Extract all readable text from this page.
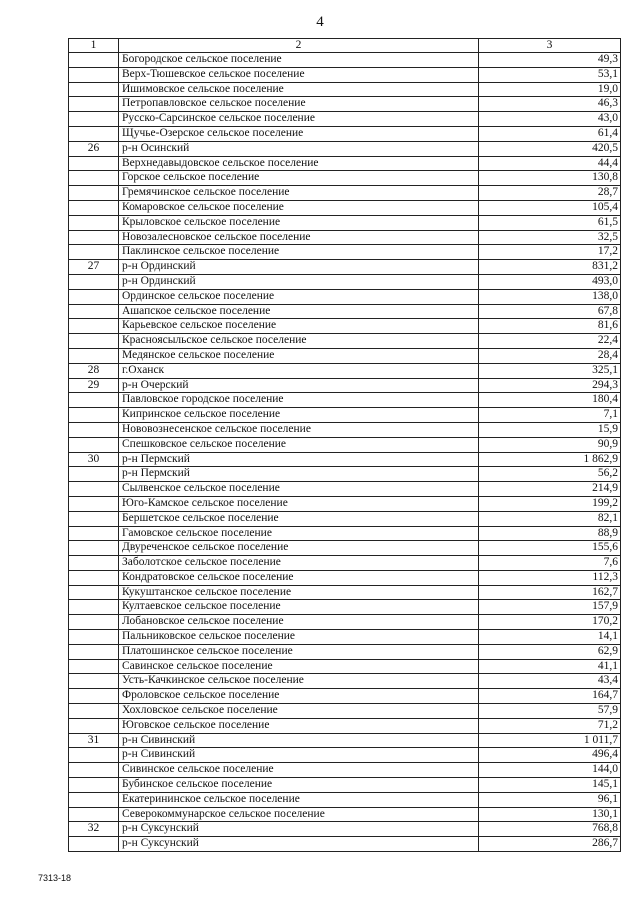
4
1	2	3
	Богородское сельское поселение	49,3
	Верх-Тюшевское сельское поселение	53,1
	Ишимовское сельское поселение	19,0
	Петропавловское сельское поселение	46,3
	Русско-Сарсинское сельское поселение	43,0
	Щучье-Озерское сельское поселение	61,4
26	р-н Осинский	420,5
	Верхнедавыдовское сельское поселение	44,4
	Горское сельское поселение	130,8
	Гремячинское сельское поселение	28,7
	Комаровское сельское поселение	105,4
	Крыловское сельское поселение	61,5
	Новозалесновское сельское поселение	32,5
	Паклинское сельское поселение	17,2
27	р-н Ординский	831,2
	р-н Ординский	493,0
	Ординское сельское поселение	138,0
	Ашапское сельское поселение	67,8
	Карьевское сельское поселение	81,6
	Красноясыльское сельское поселение	22,4
	Медянское сельское поселение	28,4
28	г.Оханск	325,1
29	р-н Очерский	294,3
	Павловское городское поселение	180,4
	Кипринское сельское поселение	7,1
	Нововознесенское сельское поселение	15,9
	Спешковское сельское поселение	90,9
30	р-н Пермский	1 862,9
	р-н Пермский	56,2
	Сылвенское сельское поселение	214,9
	Юго-Камское сельское поселение	199,2
	Бершетское сельское поселение	82,1
	Гамовское сельское поселение	88,9
	Двуреченское сельское поселение	155,6
	Заболотское сельское поселение	7,6
	Кондратовское сельское поселение	112,3
	Кукуштанское сельское поселение	162,7
	Култаевское сельское поселение	157,9
	Лобановское сельское поселение	170,2
	Пальниковское сельское поселение	14,1
	Платошинское сельское поселение	62,9
	Савинское сельское поселение	41,1
	Усть-Качкинское сельское поселение	43,4
	Фроловское сельское поселение	164,7
	Хохловское сельское поселение	57,9
	Юговское сельское поселение	71,2
31	р-н Сивинский	1 011,7
	р-н Сивинский	496,4
	Сивинское сельское поселение	144,0
	Бубинское сельское поселение	145,1
	Екатерининское сельское поселение	96,1
	Северокоммунарское сельское поселение	130,1
32	р-н Суксунский	768,8
	р-н Суксунский	286,7
7313-18
